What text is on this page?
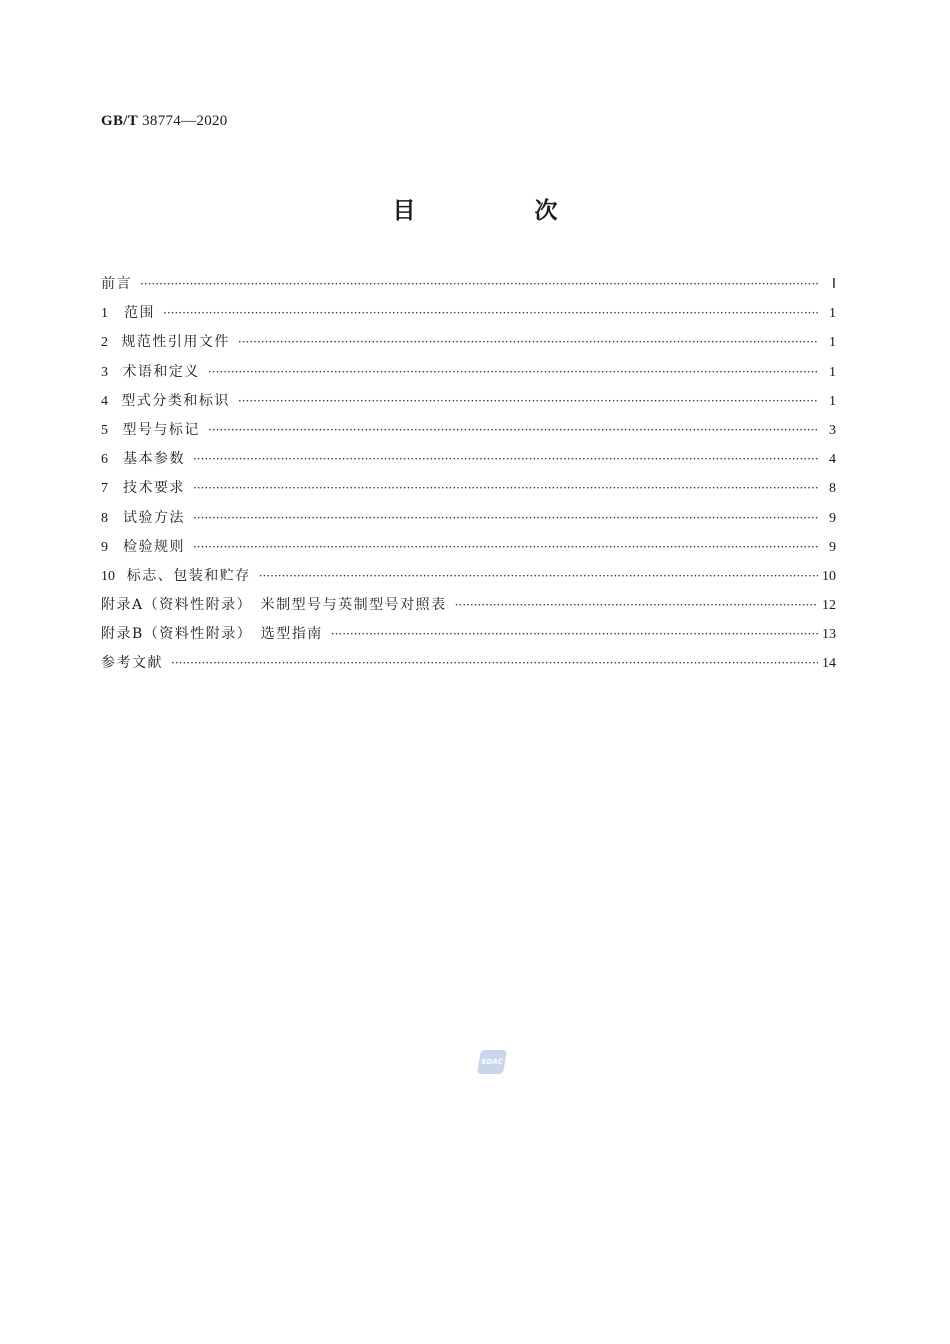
GB/T 38774—2020
目　次
前言 ·····	Ⅰ
1	范围 ·····	1
2 规范性引用文件 ·····	1
3	术语和定义 ·····	1
4 型式分类和标识 ·····	1
5	型号与标记 ·····	3
6	基本参数 ·····	4
7	技术要求 ·····	8
8	试验方法 ·····	9
9	检验规则 ·····	9
10 标志、包装和贮存 ·····	10
附录A（资料性附录）　米制型号与英制型号对照表 ·····	12
附录B（资料性附录）　选型指南 ·····	13
参考文献 ·····	14
SDAC
